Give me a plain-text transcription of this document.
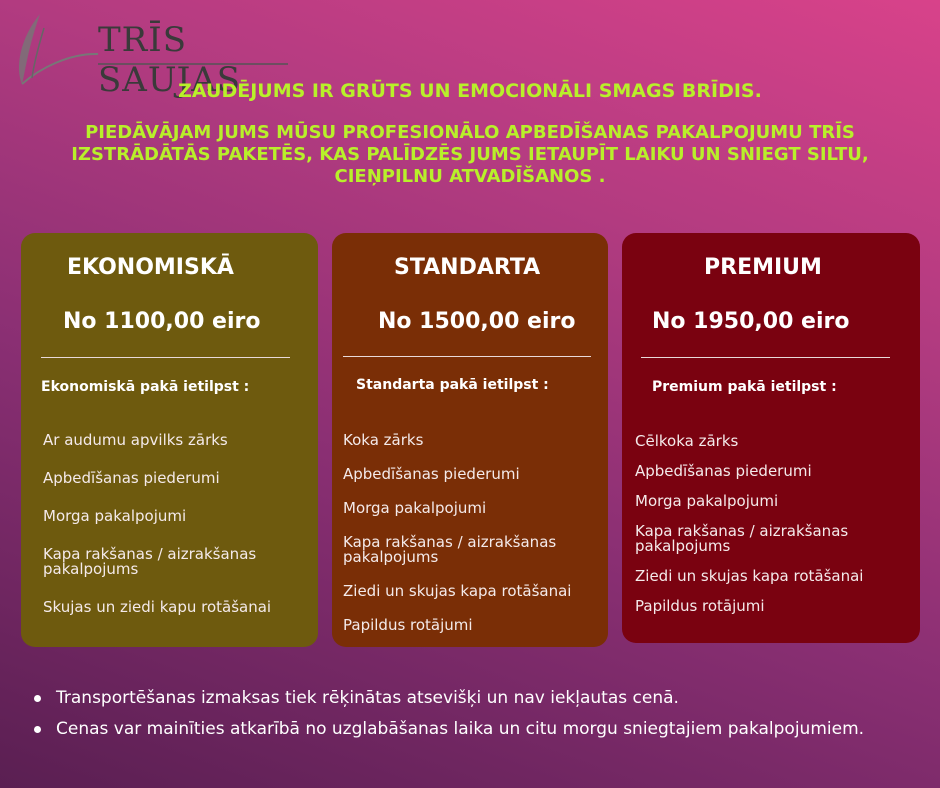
TRĪS SAUJAS
ZAUDĒJUMS IR GRŪTS UN EMOCIONĀLI SMAGS BRĪDIS.
PIEDĀVĀJAM JUMS MŪSU PROFESIONĀLO APBEDĪŠANAS PAKALPOJUMU TRĪS IZSTRĀDĀTĀS PAKETĒS, KAS PALĪDZĒS JUMS IETAUPĪT LAIKU UN SNIEGT SILTU, CIEŅPILNU ATVADĪŠANOS .
EKONOMISKĀ
No 1100,00 eiro
Ekonomiskā pakā ietilpst :
Ar audumu apvilks zārks
Apbedīšanas piederumi
Morga pakalpojumi
Kapa rakšanas / aizrakšanas pakalpojums
Skujas un ziedi kapu rotāšanai
STANDARTA
No 1500,00 eiro
Standarta pakā ietilpst :
Koka zārks
Apbedīšanas piederumi
Morga pakalpojumi
Kapa rakšanas / aizrakšanas pakalpojums
Ziedi un skujas kapa rotāšanai
Papildus rotājumi
PREMIUM
No 1950,00 eiro
Premium pakā ietilpst :
Cēlkoka zārks
Apbedīšanas piederumi
Morga pakalpojumi
Kapa rakšanas / aizrakšanas pakalpojums
Ziedi un skujas kapa rotāšanai
Papildus rotājumi
Transportēšanas izmaksas tiek rēķinātas atsevišķi un nav iekļautas cenā.
Cenas var mainīties atkarībā no uzglabāšanas laika un citu morgu sniegtajiem pakalpojumiem.
